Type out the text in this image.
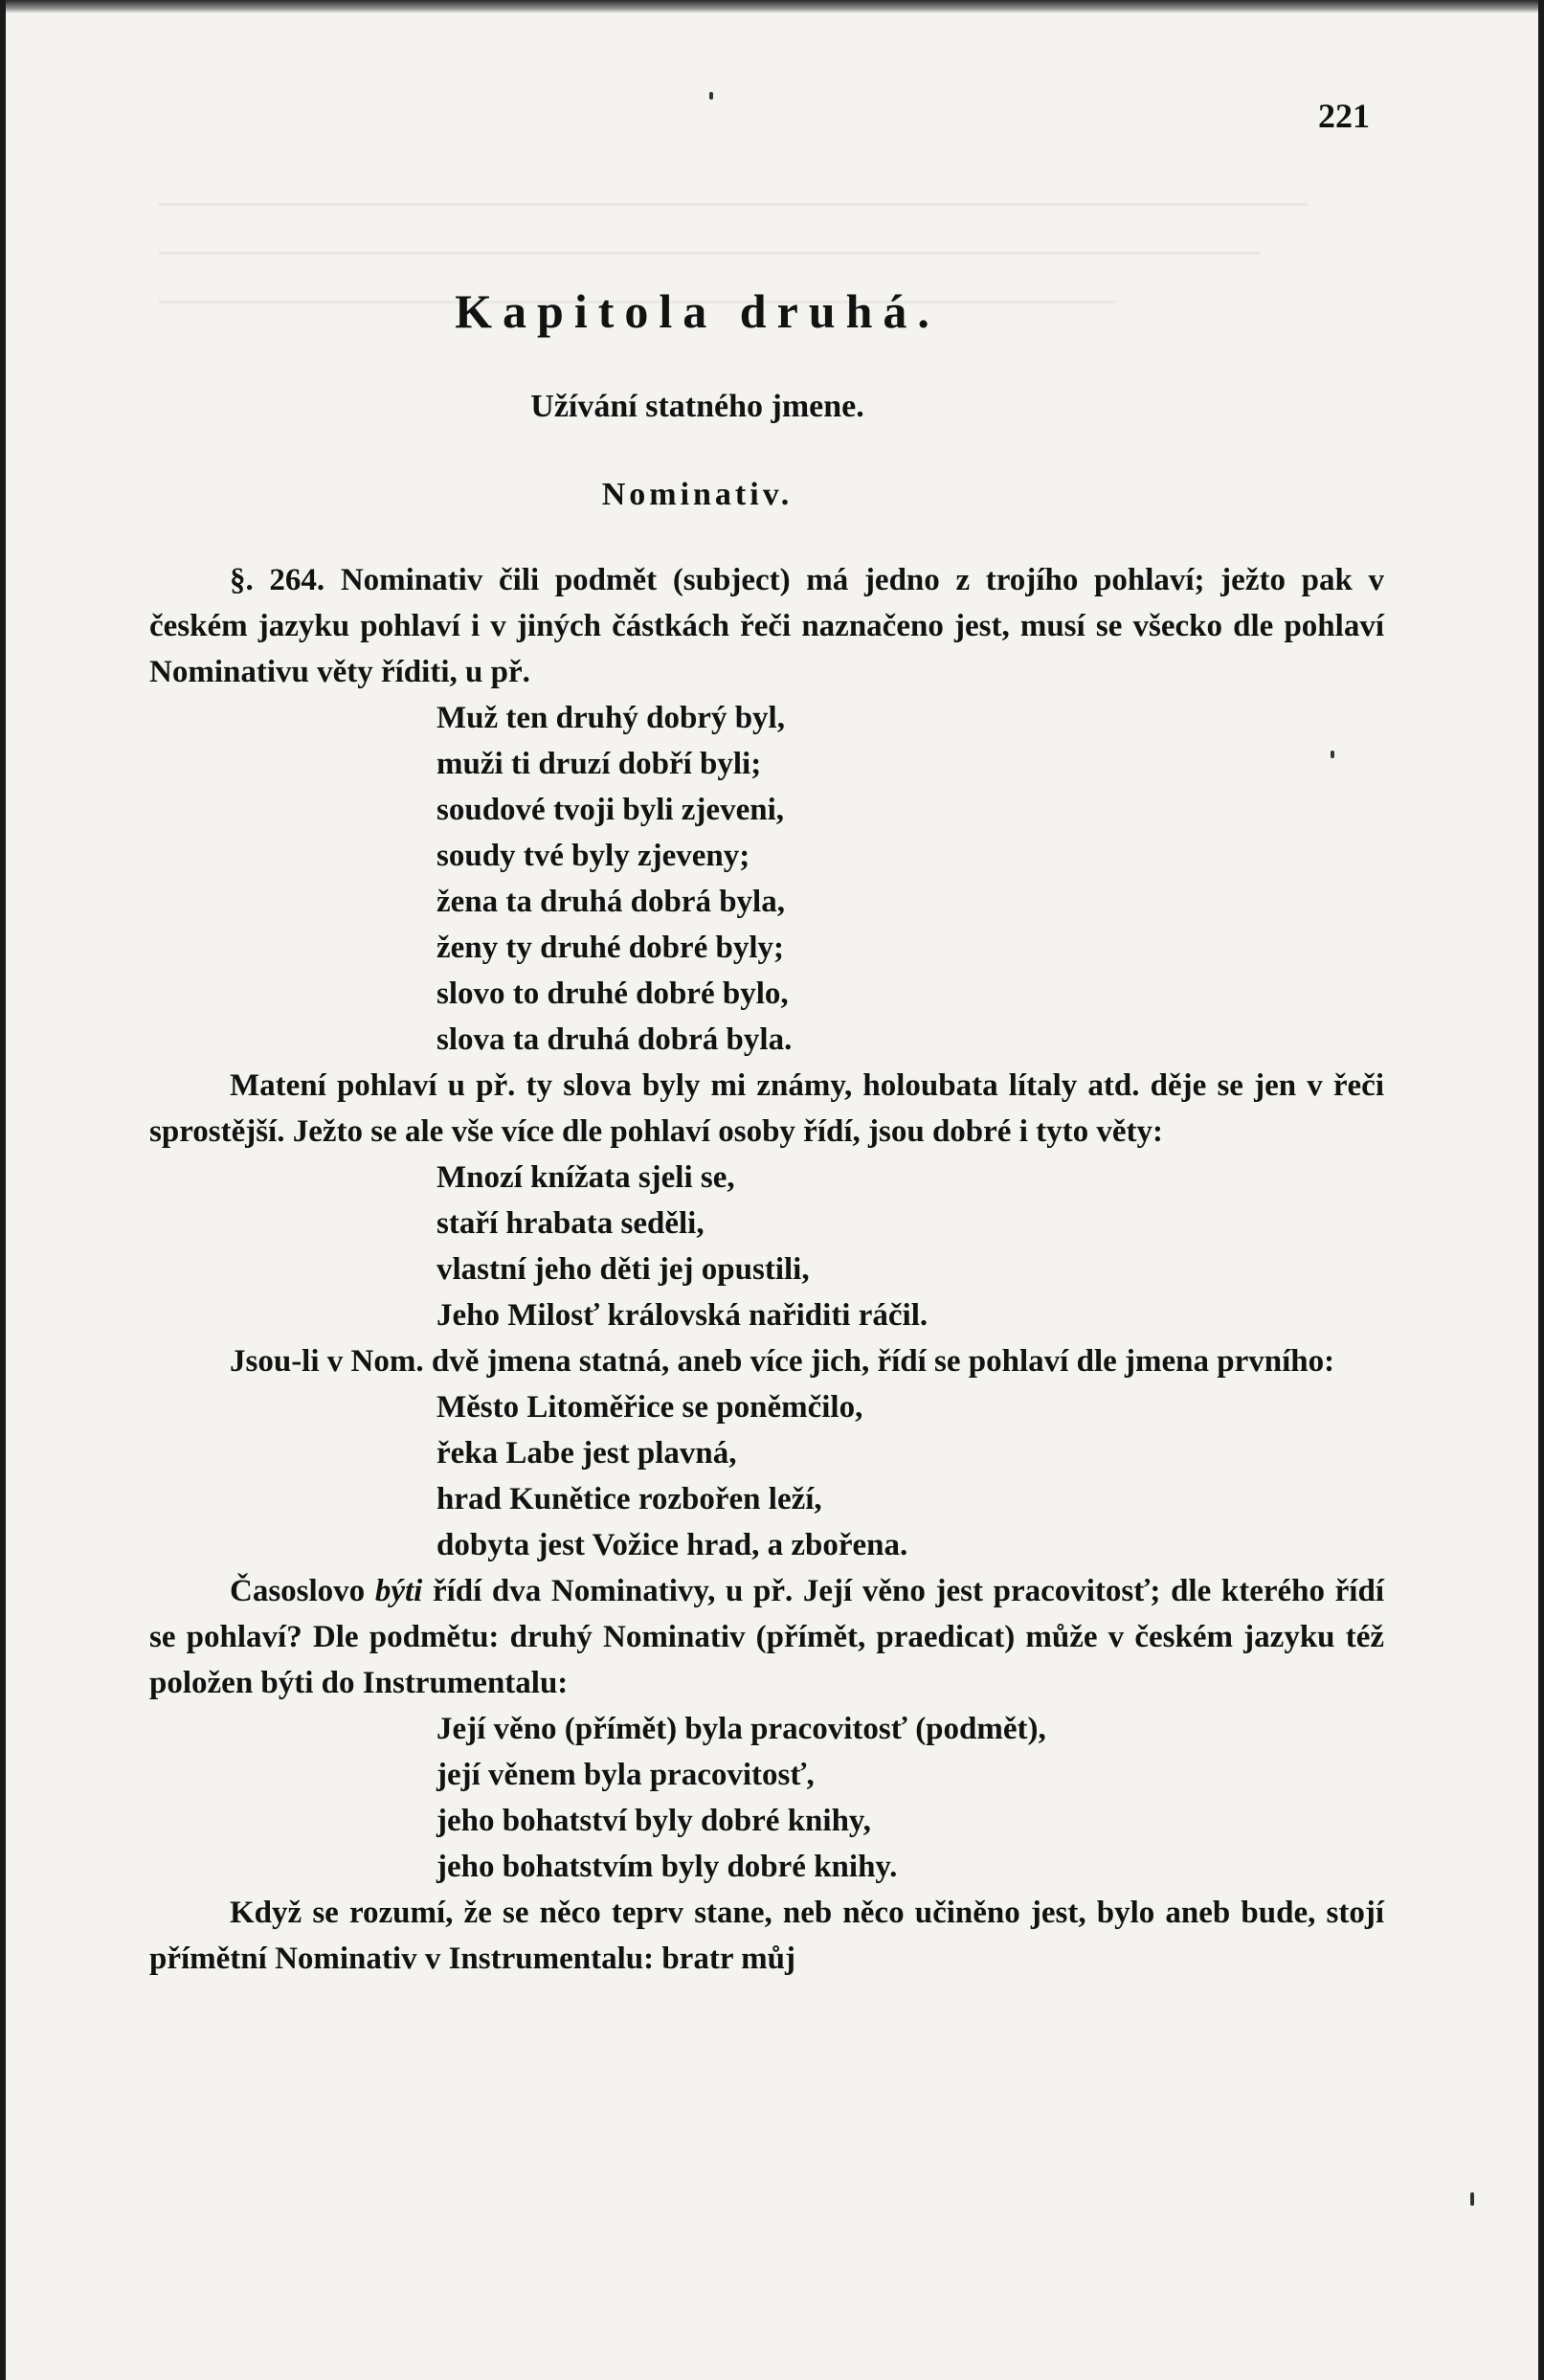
221
Kapitola druhá.
Užívání statného jmene.
Nominativ.

§. 264. Nominativ čili podmět (subject) má jedno z trojího pohlaví; ježto pak v českém jazyku pohlaví i v jiných částkách řeči naznačeno jest, musí se všecko dle pohlaví Nominativu věty říditi, u př.

Muž ten druhý dobrý byl,
muži ti druzí dobří byli;
soudové tvoji byli zjeveni,
soudy tvé byly zjeveny;
žena ta druhá dobrá byla,
ženy ty druhé dobré byly;
slovo to druhé dobré bylo,
slova ta druhá dobrá byla.

Matení pohlaví u př. ty slova byly mi známy, holoubata lítaly atd. děje se jen v řeči sprostější. Ježto se ale vše více dle pohlaví osoby řídí, jsou dobré i tyto věty:

Mnozí knížata sjeli se,
staří hrabata seděli,
vlastní jeho děti jej opustili,
Jeho Milosť královská nařiditi ráčil.

Jsou-li v Nom. dvě jmena statná, aneb více jich, řídí se pohlaví dle jmena prvního:

Město Litoměřice se poněmčilo,
řeka Labe jest plavná,
hrad Kunětice rozbořen leží,
dobyta jest Vožice hrad, a zbořena.

Časoslovo býti řídí dva Nominativy, u př. Její věno jest pracovitosť; dle kterého řídí se pohlaví? Dle podmětu: druhý Nominativ (přímět, praedicat) může v českém jazyku též položen býti do Instrumentalu:

Její věno (přímět) byla pracovitosť (podmět),
její věnem byla pracovitosť,
jeho bohatství byly dobré knihy,
jeho bohatstvím byly dobré knihy.

Když se rozumí, že se něco teprv stane, neb něco učiněno jest, bylo aneb bude, stojí přímětní Nominativ v Instrumentalu: bratr můj
